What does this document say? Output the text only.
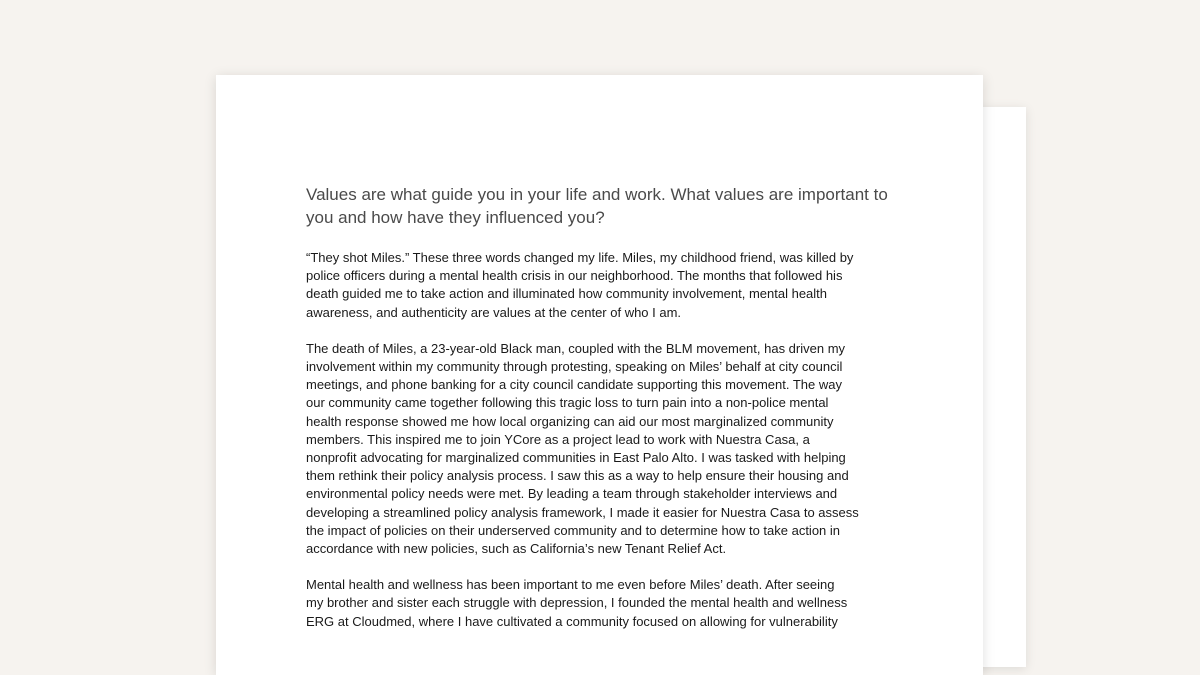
Values are what guide you in your life and work. What values are important to you and how have they influenced you?

“They shot Miles.” These three words changed my life. Miles, my childhood friend, was killed by
police officers during a mental health crisis in our neighborhood. The months that followed his
death guided me to take action and illuminated how community involvement, mental health
awareness, and authenticity are values at the center of who I am.

The death of Miles, a 23-year-old Black man, coupled with the BLM movement, has driven my
involvement within my community through protesting, speaking on Miles’ behalf at city council
meetings, and phone banking for a city council candidate supporting this movement. The way
our community came together following this tragic loss to turn pain into a non-police mental
health response showed me how local organizing can aid our most marginalized community
members. This inspired me to join YCore as a project lead to work with Nuestra Casa, a
nonprofit advocating for marginalized communities in East Palo Alto. I was tasked with helping
them rethink their policy analysis process. I saw this as a way to help ensure their housing and
environmental policy needs were met. By leading a team through stakeholder interviews and
developing a streamlined policy analysis framework, I made it easier for Nuestra Casa to assess
the impact of policies on their underserved community and to determine how to take action in
accordance with new policies, such as California’s new Tenant Relief Act.

Mental health and wellness has been important to me even before Miles’ death. After seeing
my brother and sister each struggle with depression, I founded the mental health and wellness
ERG at Cloudmed, where I have cultivated a community focused on allowing for vulnerability
